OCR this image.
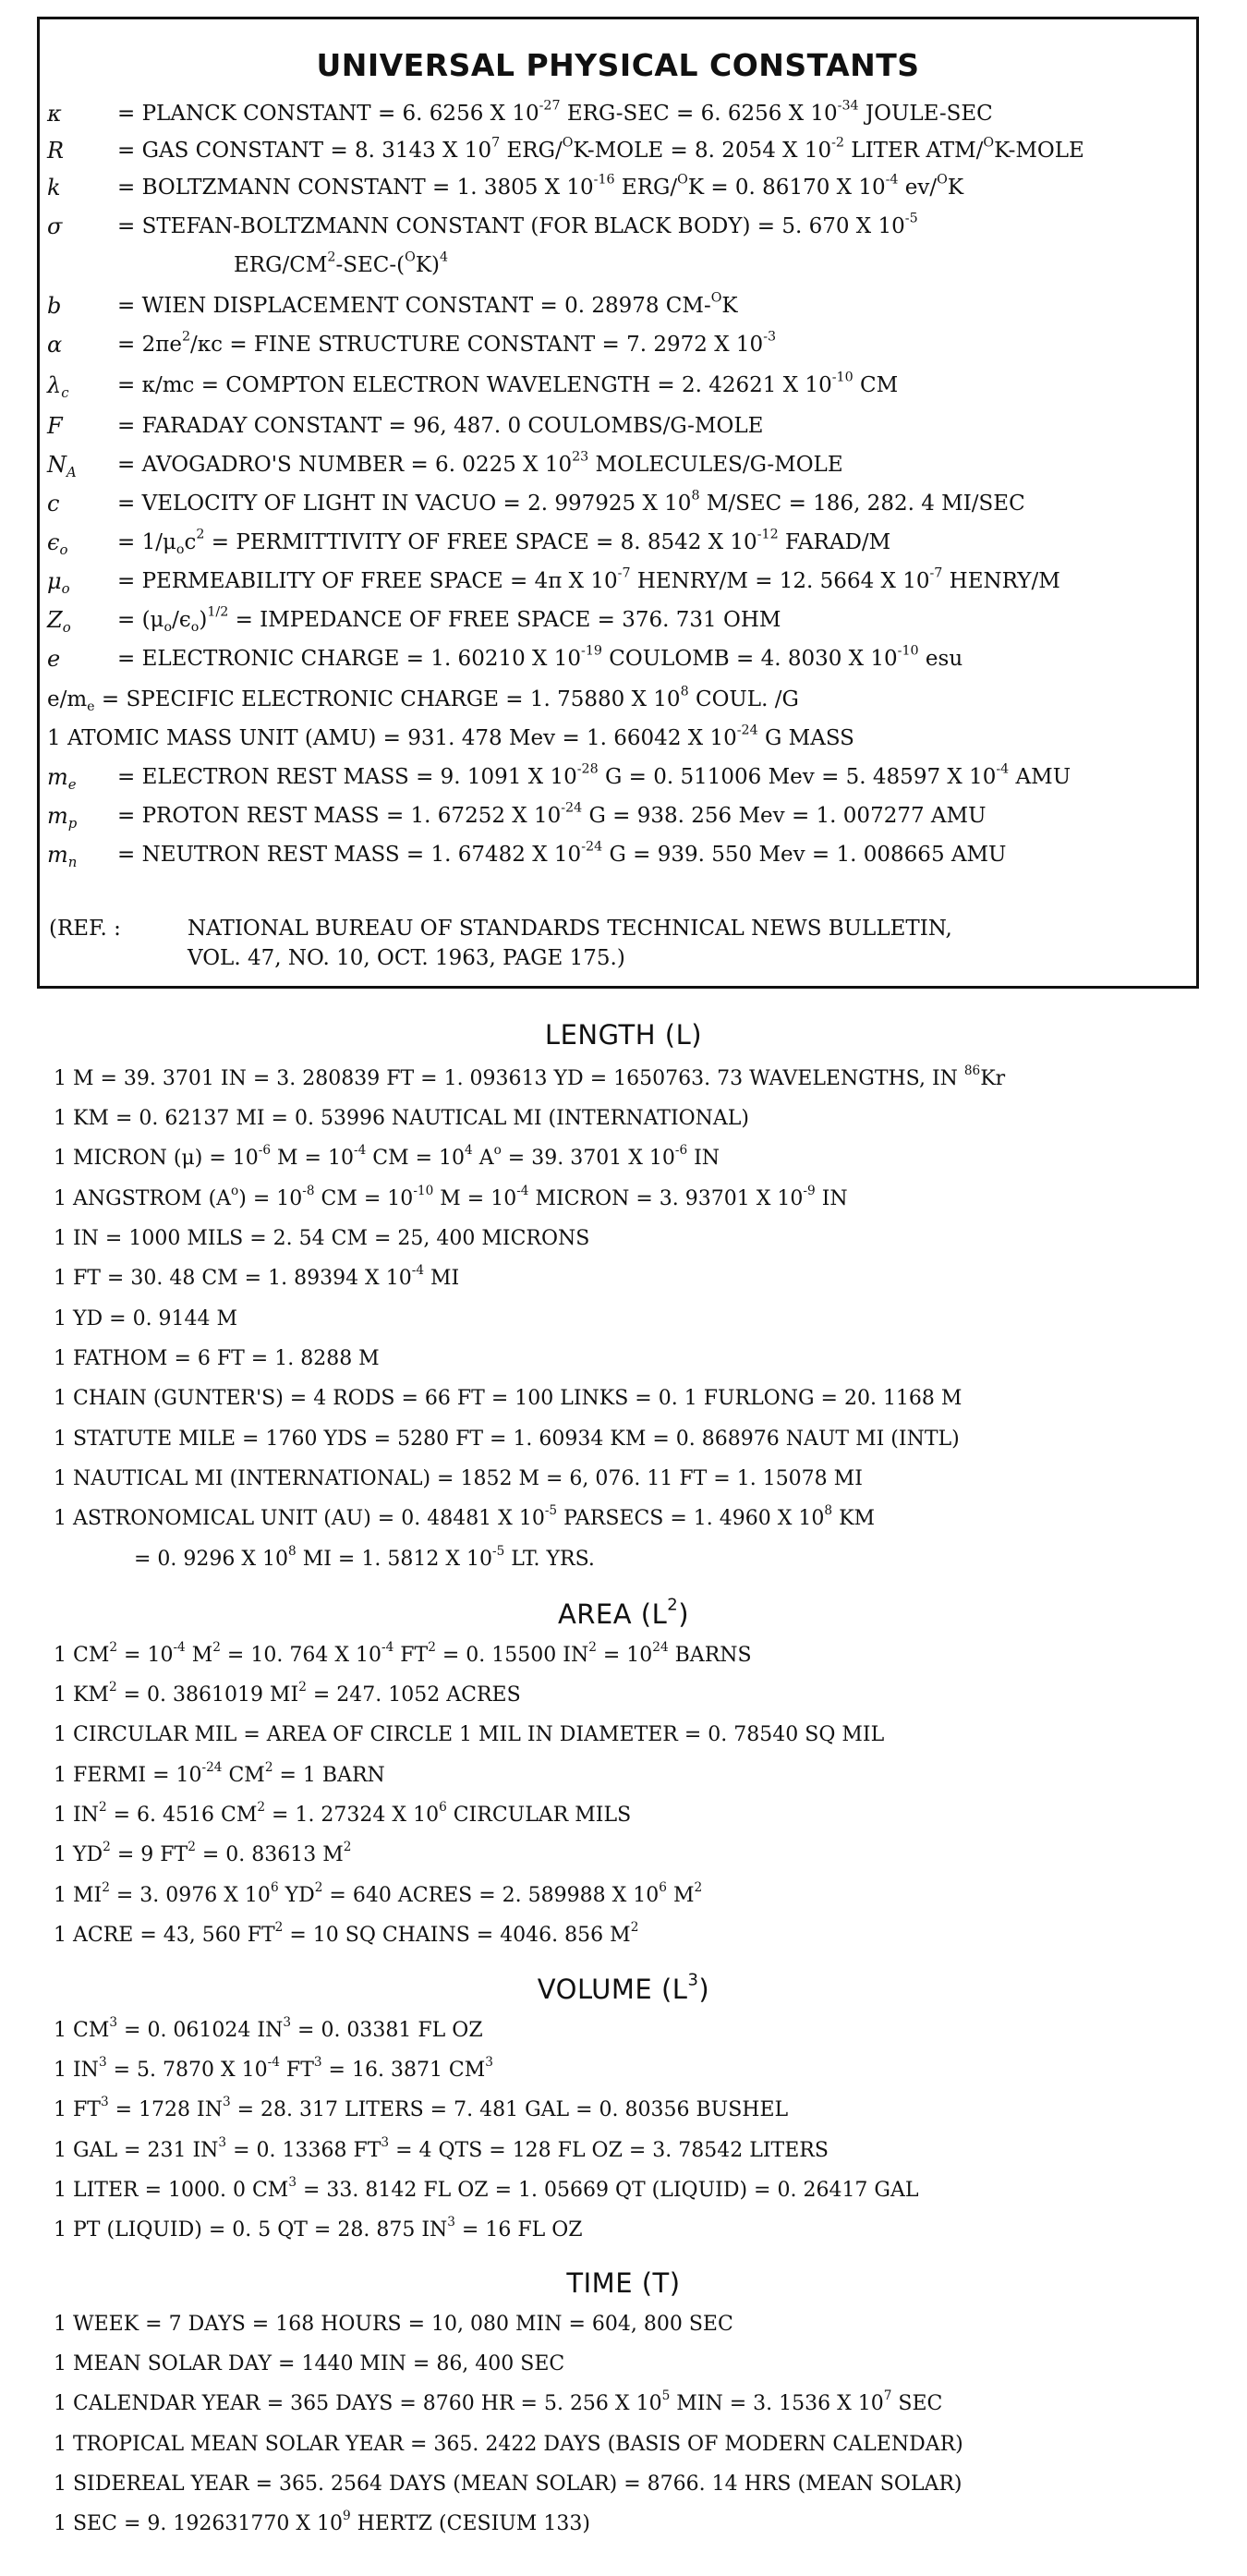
UNIVERSAL PHYSICAL CONSTANTS
κ	= PLANCK CONSTANT = 6. 6256 X $10^{-27}$ ERG-SEC = 6. 6256 X $10^{-34}$ JOULE-SEC
R	= GAS CONSTANT = 8. 3143 X $10^7$ ERG/$^O$K-MOLE = 8. 2054 X $10^{-2}$ LITER ATM/$^O$K-MOLE
k	= BOLTZMANN CONSTANT = 1. 3805 X $10^{-16}$ ERG/$^O$K = 0. 86170 X $10^{-4}$ ev/$^O$K
σ	= STEFAN-BOLTZMANN CONSTANT (FOR BLACK BODY) = 5. 670 X $10^{-5}$
ERG/$CM^2-SEC-(^OK)^4$
b	= WIEN DISPLACEMENT CONSTANT = 0. 28978 CM-$^O$K
α	= $2\pi e^2/\kappa c$ = FINE STRUCTURE CONSTANT = 7. 2972 X $10^{-3}$
$\lambda_c = \kappa/mc$ = COMPTON ELECTRON WAVELENGTH = 2. 42621 X $10^{-10}$ CM
F	= FARADAY CONSTANT = 96, 487. 0 COULOMBS/G-MOLE
$N_A$ = AVOGADRO'S NUMBER = 6. 0225 X $10^{23}$ MOLECULES/G-MOLE
c	= VELOCITY OF LIGHT IN VACUO = 2. 997925 X $10^8$ M/SEC = 186, 282. 4 MI/SEC
$\epsilon_o = 1/\mu_oc^2$ = PERMITTIVITY OF FREE SPACE = 8. 8542 X $10^{-12}$ FARAD/M
$\mu_o$ = PERMEABILITY OF FREE SPACE = 4π X $10^{-7}$ HENRY/M = 12. 5664 X $10^{-7}$ HENRY/M
$Z_o = (\mu_o/\epsilon_o)^{1/2}$ = IMPEDANCE OF FREE SPACE = 376. 731 OHM
e	= ELECTRONIC CHARGE = 1. 60210 X $10^{-19}$ COULOMB = 4. 8030 X $10^{-10}$ esu
$e/m_e$ = SPECIFIC ELECTRONIC CHARGE = 1. 75880 X $10^8$ COUL. /G
1 ATOMIC MASS UNIT (AMU) = 931. 478 Mev = 1. 66042 X $10^{-24}$ G MASS
$m_e$ = ELECTRON REST MASS = 9. 1091 X $10^{-28}$ G = 0. 511006 Mev = 5. 48597 X $10^{-4}$ AMU
$m_p$ = PROTON REST MASS = 1. 67252 X $10^{-24}$ G = 938. 256 Mev = 1. 007277 AMU
$m_n$ = NEUTRON REST MASS = 1. 67482 X $10^{-24}$ G = 939. 550 Mev = 1. 008665 AMU
(REF. :	NATIONAL BUREAU OF STANDARDS TECHNICAL NEWS BULLETIN,
VOL. 47, NO. 10, OCT. 1963, PAGE 175.)
LENGTH (L)
1 M = 39. 3701 IN = 3. 280839 FT = 1. 093613 YD = 1650763. 73 WAVELENGTHS, IN $^{86}$Kr
1 KM = 0. 62137 MI = 0. 53996 NAUTICAL MI (INTERNATIONAL)
1 MICRON $(\mu) = 10^{-6}$ $M = 10^{-4}$ CM = $10^4$ $A^o = 39$. 3701 X $10^{-6}$ IN
1 ANGSTROM $(A^o) = 10^{-8}$ CM = $10^{-10}$ $M = 10^{-4}$ MICRON = 3. 93701 X $10^{-9}$ IN
1 IN = 1000 MILS = 2. 54 CM = 25, 400 MICRONS
1 FT = 30. 48 CM = 1. 89394 X $10^{-4}$ MI
1 YD = 0. 9144 M
1 FATHOM = 6 FT = 1. 8288 M
1 CHAIN (GUNTER'S) = 4 RODS = 66 FT = 100 LINKS = 0. 1 FURLONG = 20. 1168 M
1 STATUTE MILE = 1760 YDS = 5280 FT = 1. 60934 KM = 0. 868976 NAUT MI (INTL)
1 NAUTICAL MI (INTERNATIONAL) = 1852 M = 6, 076. 11 FT = 1. 15078 MI
1 ASTRONOMICAL UNIT (AU) = 0. 48481 X $10^{-5}$ PARSECS = 1. 4960 X $10^8$ KM
= 0. 9296 X $10^8$ MI = 1. 5812 X $10^{-5}$ LT. YRS.
AREA $(L^2)$
1 $CM^2 = 10^{-4}$ $M^2 = 10$. 764 X $10^{-4}$ $FT^2 = 0$. 15500 $IN^2 = 10^{24}$ BARNS
1 $KM^2 = 0$. 3861019 $MI^2 = 247$. 1052 ACRES
1 CIRCULAR MIL = AREA OF CIRCLE 1 MIL IN DIAMETER = 0. 78540 SQ MIL
1 FERMI = $10^{-24}$ $CM^2 = 1$ BARN
1 $IN^2 = 6$. 4516 $CM^2 = 1$. 27324 X $10^6$ CIRCULAR MILS
1 $YD^2 = 9$ $FT^2 = 0$. 83613 $M^2$
1 $MI^2 = 3$. 0976 X $10^6$ $YD^2 = 640$ ACRES = 2. 589988 X $10^6$ $M^2$
1 ACRE = 43, 560 $FT^2 = 10$ SQ CHAINS = 4046. 856 $M^2$
VOLUME $(L^3)$
1 $CM^3 = 0$. 061024 $IN^3 = 0$. 03381 FL OZ
1 $IN^3 = 5$. 7870 X $10^{-4}$ $FT^3 = 16$. 3871 $CM^3$
1 $FT^3 = 1728$ $IN^3 = 28$. 317 LITERS = 7. 481 GAL = 0. 80356 BUSHEL
1 GAL = 231 $IN^3 = 0$. 13368 $FT^3 = 4$ QTS = 128 FL OZ = 3. 78542 LITERS
1 LITER = 1000. 0 $CM^3 = 33$. 8142 FL OZ = 1. 05669 QT (LIQUID) = 0. 26417 GAL
1 PT (LIQUID) = 0. 5 QT = 28. 875 $IN^3 = 16$ FL OZ
TIME (T)
1 WEEK = 7 DAYS = 168 HOURS = 10, 080 MIN = 604, 800 SEC
1 MEAN SOLAR DAY = 1440 MIN = 86, 400 SEC
1 CALENDAR YEAR = 365 DAYS = 8760 HR = 5. 256 X $10^5$ MIN = 3. 1536 X $10^7$ SEC
1 TROPICAL MEAN SOLAR YEAR = 365. 2422 DAYS (BASIS OF MODERN CALENDAR)
1 SIDEREAL YEAR = 365. 2564 DAYS (MEAN SOLAR) = 8766. 14 HRS (MEAN SOLAR)
1 SEC = 9. 192631770 X $10^9$ HERTZ (CESIUM 133)
